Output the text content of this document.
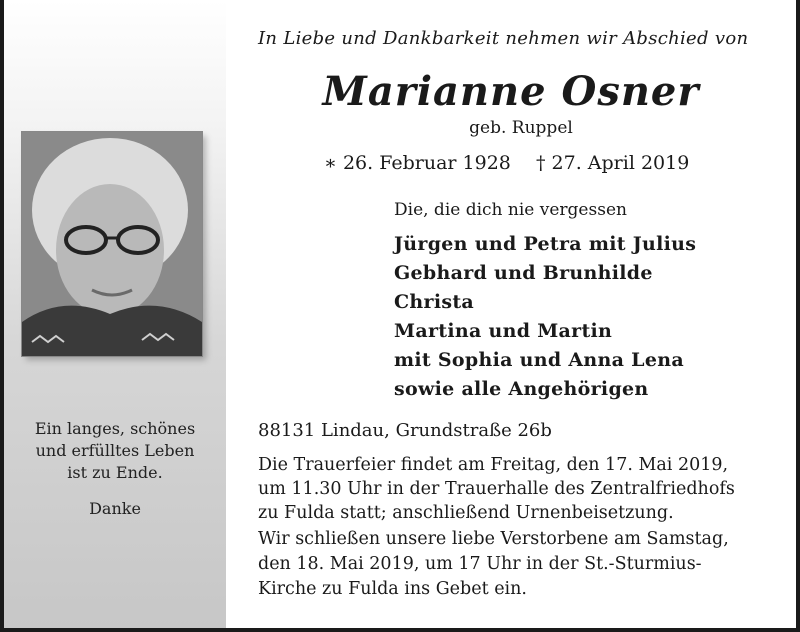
Ein langes, schönes
und erfülltes Leben
ist zu Ende.
Danke
In Liebe und Dankbarkeit nehmen wir Abschied von
Marianne Osner
geb. Ruppel
∗ 26. Februar 1928 † 27. April 2019
Die, die dich nie vergessen
Jürgen und Petra mit Julius
Gebhard und Brunhilde
Christa
Martina und Martin
mit Sophia und Anna Lena
sowie alle Angehörigen
88131 Lindau, Grundstraße 26b
Die Trauerfeier findet am Freitag, den 17. Mai 2019,
um 11.30 Uhr in der Trauerhalle des Zentralfriedhofs
zu Fulda statt; anschließend Urnenbeisetzung.
Wir schließen unsere liebe Verstorbene am Samstag,
den 18. Mai 2019, um 17 Uhr in der St.-Sturmius-
Kirche zu Fulda ins Gebet ein.
